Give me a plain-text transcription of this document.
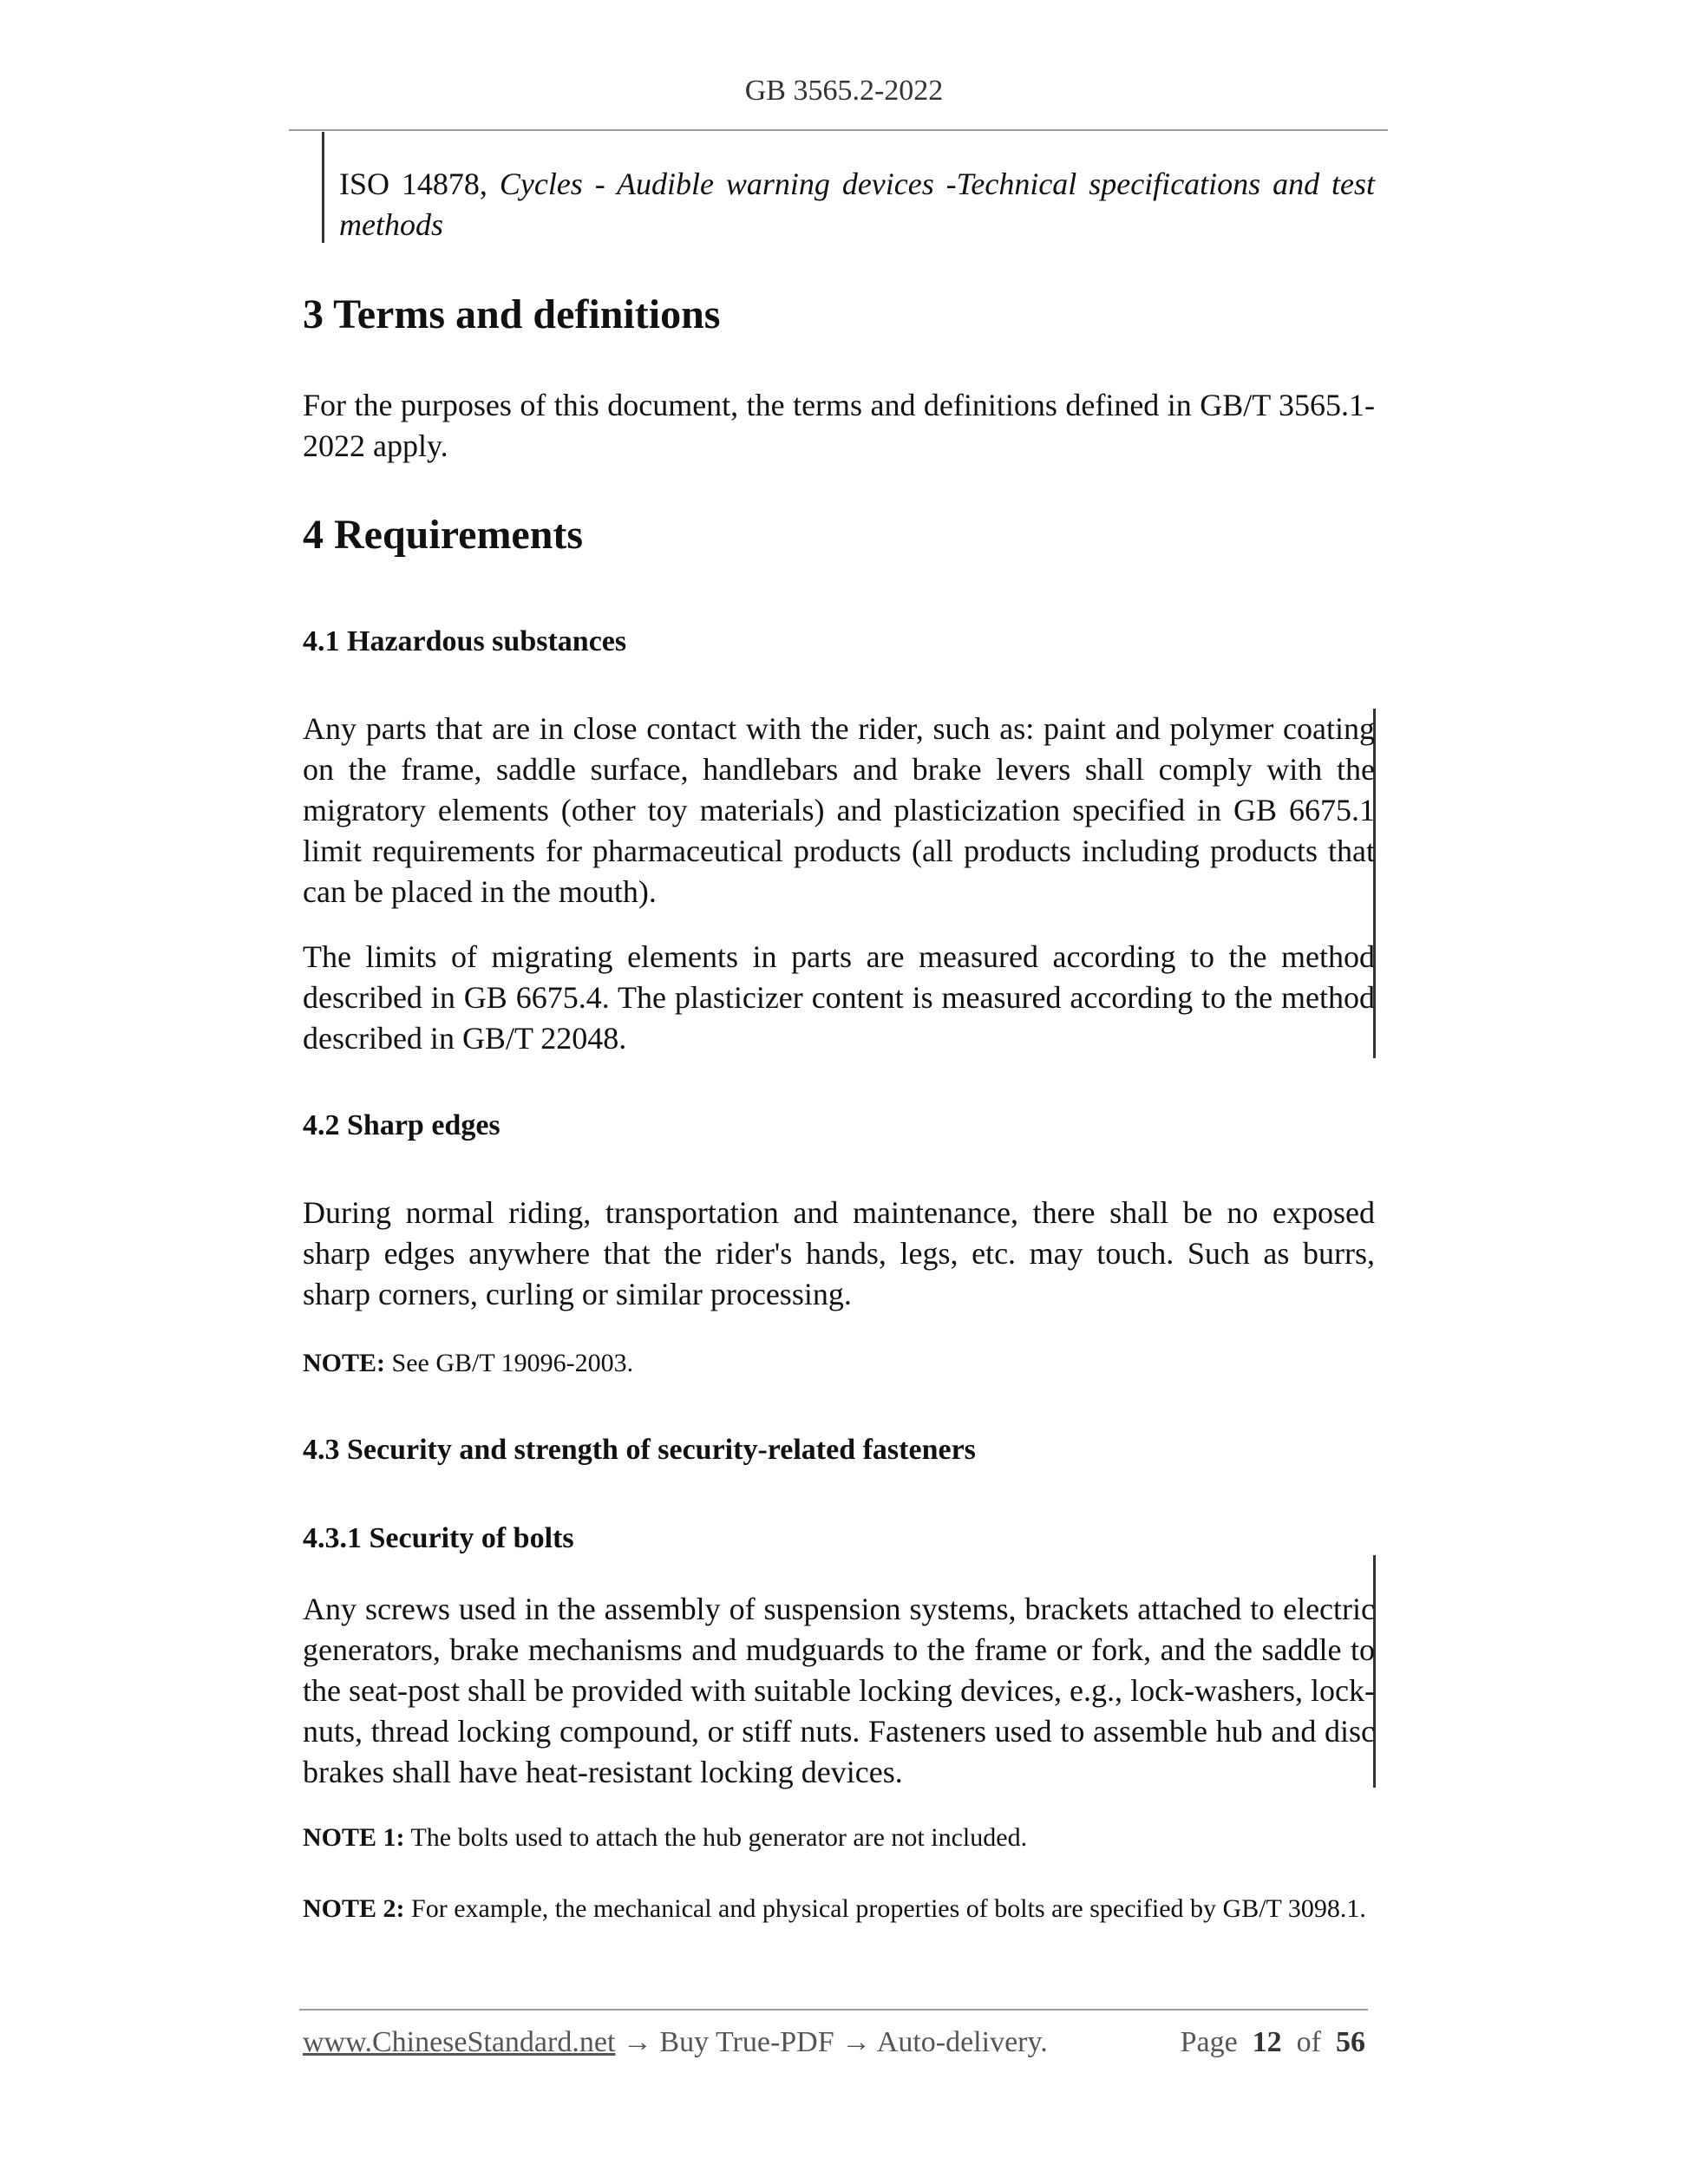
GB 3565.2-2022
ISO 14878, Cycles - Audible warning devices -Technical specifications and test methods
3 Terms and definitions
For the purposes of this document, the terms and definitions defined in GB/T 3565.1-2022 apply.
4 Requirements
4.1 Hazardous substances
Any parts that are in close contact with the rider, such as: paint and polymer coating on the frame, saddle surface, handlebars and brake levers shall comply with the migratory elements (other toy materials) and plasticization specified in GB 6675.1 limit requirements for pharmaceutical products (all products including products that can be placed in the mouth).
The limits of migrating elements in parts are measured according to the method described in GB 6675.4. The plasticizer content is measured according to the method described in GB/T 22048.
4.2 Sharp edges
During normal riding, transportation and maintenance, there shall be no exposed sharp edges anywhere that the rider's hands, legs, etc. may touch. Such as burrs, sharp corners, curling or similar processing.
NOTE: See GB/T 19096-2003.
4.3 Security and strength of security-related fasteners
4.3.1 Security of bolts
Any screws used in the assembly of suspension systems, brackets attached to electric generators, brake mechanisms and mudguards to the frame or fork, and the saddle to the seat-post shall be provided with suitable locking devices, e.g., lock-washers, lock-nuts, thread locking compound, or stiff nuts. Fasteners used to assemble hub and disc brakes shall have heat-resistant locking devices.
NOTE 1: The bolts used to attach the hub generator are not included.
NOTE 2: For example, the mechanical and physical properties of bolts are specified by GB/T 3098.1.
www.ChineseStandard.net → Buy True-PDF → Auto-delivery.	Page 12 of 56
